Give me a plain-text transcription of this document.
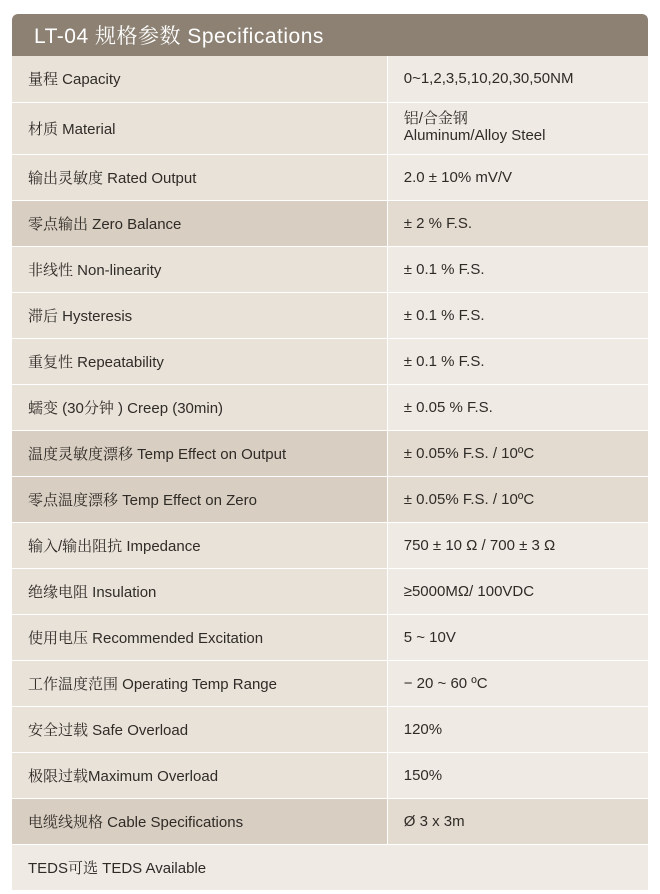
LT-04 规格参数 Specifications
量程 Capacity	0~1,2,3,5,10,20,30,50NM
材质 Material	铝/合金钢
Aluminum/Alloy Steel

输出灵敏度 Rated Output	2.0 ± 10% mV/V
零点输出 Zero Balance	± 2 % F.S.
非线性 Non-linearity	± 0.1 % F.S.
滞后 Hysteresis	± 0.1 % F.S.
重复性 Repeatability	± 0.1 % F.S.
蠕变 (30分钟 ) Creep (30min)	± 0.05 % F.S.
温度灵敏度漂移 Temp Effect on Output	± 0.05% F.S. / 10ºC
零点温度漂移 Temp Effect on Zero	± 0.05% F.S. / 10ºC
输入/输出阻抗 Impedance	750 ± 10 Ω / 700 ± 3 Ω
绝缘电阻 Insulation	≥5000MΩ/ 100VDC
使用电压 Recommended Excitation	5 ~ 10V
工作温度范围 Operating Temp Range	− 20 ~ 60 ºC
安全过载 Safe Overload	120%
极限过载Maximum Overload	150%
电缆线规格 Cable Specifications	Ø 3 x 3m
TEDS可选 TEDS Available	
